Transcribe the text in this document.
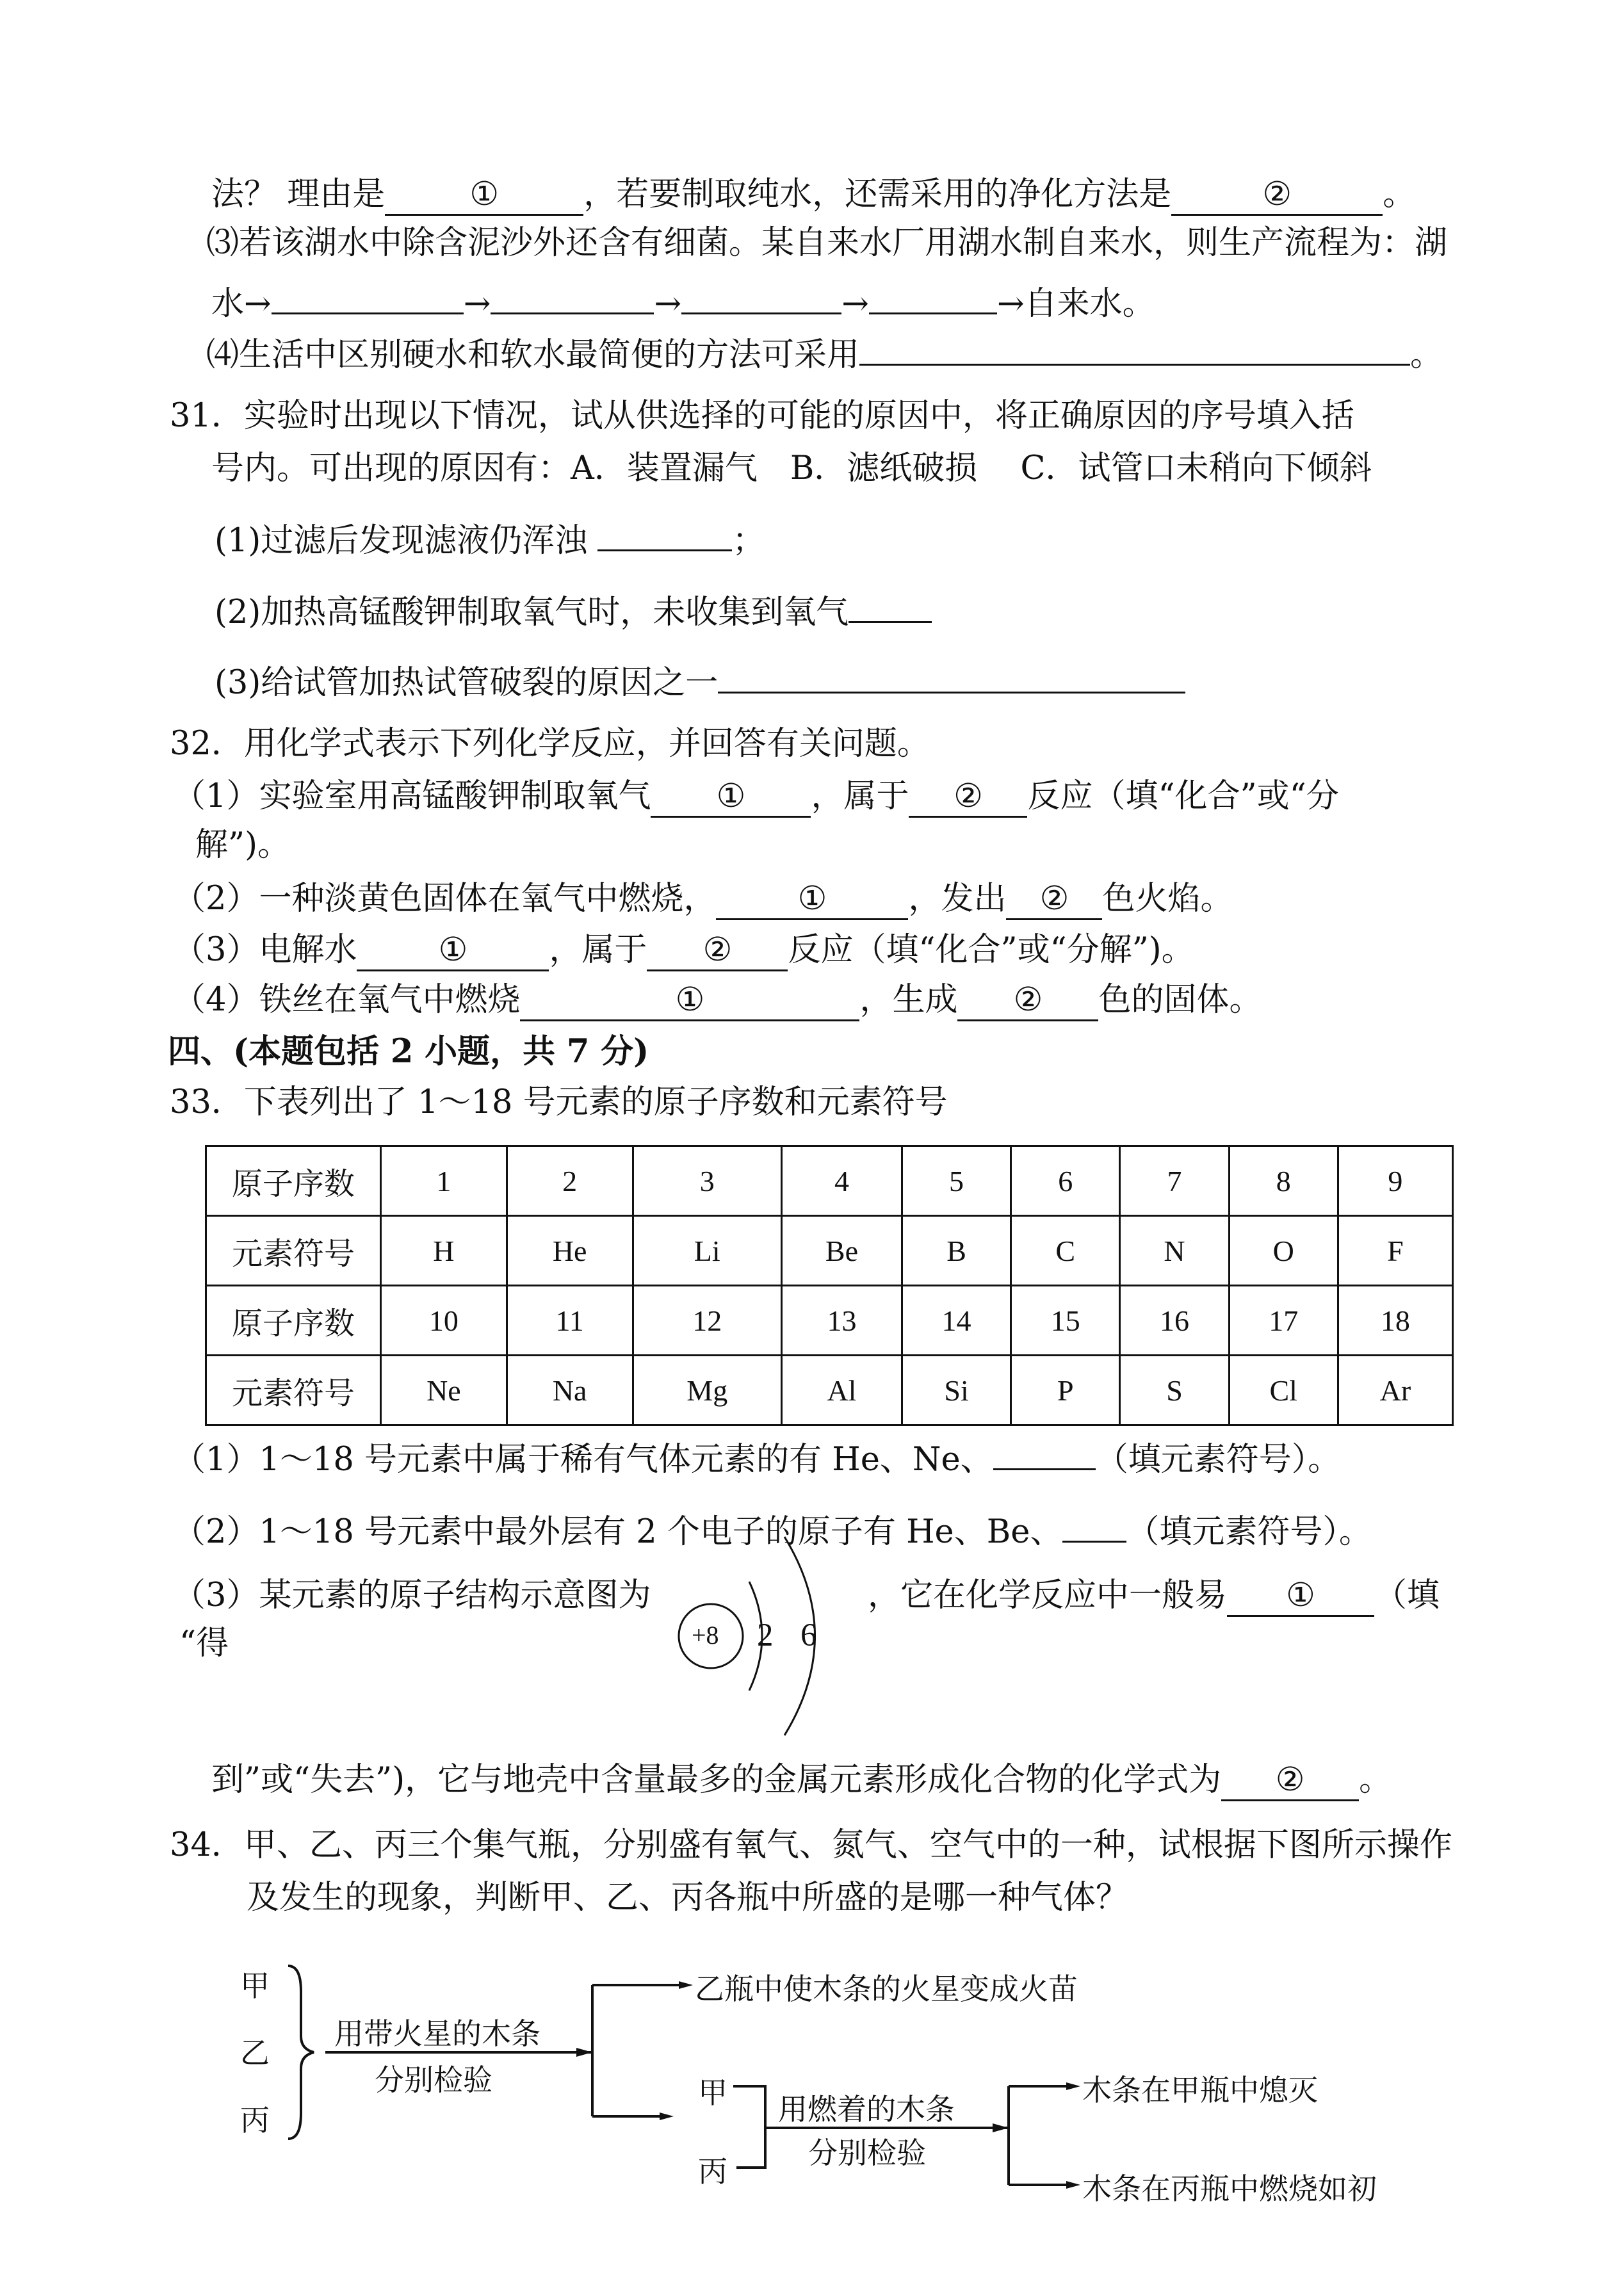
法？ 理由是	①	，若要制取纯水，还需采用的净化方法是	②	。
⑶若该湖水中除含泥沙外还含有细菌。某自来水厂用湖水制自来水，则生产流程为：湖
水→	→	→	→	→自来水。
⑷生活中区别硬水和软水最简便的方法可采用	。
31．实验时出现以下情况，试从供选择的可能的原因中，将正确原因的序号填入括
号内。可出现的原因有：A．装置漏气　B．滤纸破损　 C．试管口未稍向下倾斜
(1)过滤后发现滤液仍浑浊	；
(2)加热高锰酸钾制取氧气时，未收集到氧气
(3)给试管加热试管破裂的原因之一
32．用化学式表示下列化学反应，并回答有关问题。
（1）实验室用高锰酸钾制取氧气 ① ，属于 ② 反应（填“化合”或“分
解”)。
（2）一种淡黄色固体在氧气中燃烧， ① ，发出 ② 色火焰。
（3）电解水 ① ，属于 ② 反应（填“化合”或“分解”)。
（4）铁丝在氧气中燃烧	①	，生成 ② 色的固体。
四、(本题包括 2 小题，共 7 分)
33．下表列出了 1～18 号元素的原子序数和元素符号
原子序数	1	2	3	4	5	6	7	8	9
元素符号	H	He	Li	Be	B	C	N	O	F
原子序数	10	11	12	13	14	15	16	17	18
元素符号	Ne	Na	Mg	Al	Si	P	S	Cl	Ar
（1）1～18 号元素中属于稀有气体元素的有 He、Ne、	（填元素符号）。
（2）1～18 号元素中最外层有 2 个电子的原子有 He、Be、 （填元素符号）。
（3）某元素的原子结构示意图为	，它在化学反应中一般易 ① （填
“得	+8 2 6
到”或“失去”)，它与地壳中含量最多的金属元素形成化合物的化学式为 ② 。
34．甲、乙、丙三个集气瓶，分别盛有氧气、氮气、空气中的一种，试根据下图所示操作
及发生的现象，判断甲、乙、丙各瓶中所盛的是哪一种气体？
甲
乙
丙
用带火星的木条
分别检验
乙瓶中使木条的火星变成火苗
甲
丙
用燃着的木条
分别检验
木条在甲瓶中熄灭
木条在丙瓶中燃烧如初
